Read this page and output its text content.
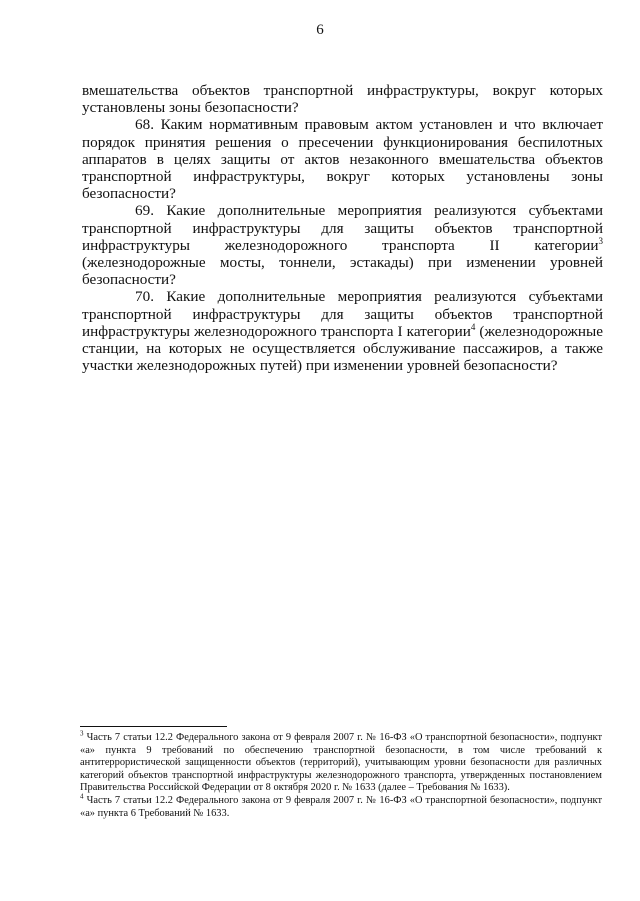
6

вмешательства объектов транспортной инфраструктуры, вокруг которых установлены зоны безопасности?

68. Каким нормативным правовым актом установлен и что включает порядок принятия решения о пресечении функционирования беспилотных аппаратов в целях защиты от актов незаконного вмешательства объектов транспортной инфраструктуры, вокруг которых установлены зоны безопасности?

69. Какие дополнительные мероприятия реализуются субъектами транспортной инфраструктуры для защиты объектов транспортной инфраструктуры железнодорожного транспорта II категории$^3$ (железнодорожные мосты, тоннели, эстакады) при изменении уровней безопасности?

70. Какие дополнительные мероприятия реализуются субъектами транспортной инфраструктуры для защиты объектов транспортной инфраструктуры железнодорожного транспорта I категории$^4$ (железнодорожные станции, на которых не осуществляется обслуживание пассажиров, а также участки железнодорожных путей) при изменении уровней безопасности?

$^3$ Часть 7 статьи 12.2 Федерального закона от 9 февраля 2007 г. № 16-ФЗ «О транспортной безопасности», подпункт «а» пункта 9 требований по обеспечению транспортной безопасности, в том числе требований к антитеррористической защищенности объектов (территорий), учитывающим уровни безопасности для различных категорий объектов транспортной инфраструктуры железнодорожного транспорта, утвержденных постановлением Правительства Российской Федерации от 8 октября 2020 г. № 1633 (далее – Требования № 1633).

$^4$ Часть 7 статьи 12.2 Федерального закона от 9 февраля 2007 г. № 16-ФЗ «О транспортной безопасности», подпункт «а» пункта 6 Требований № 1633.
